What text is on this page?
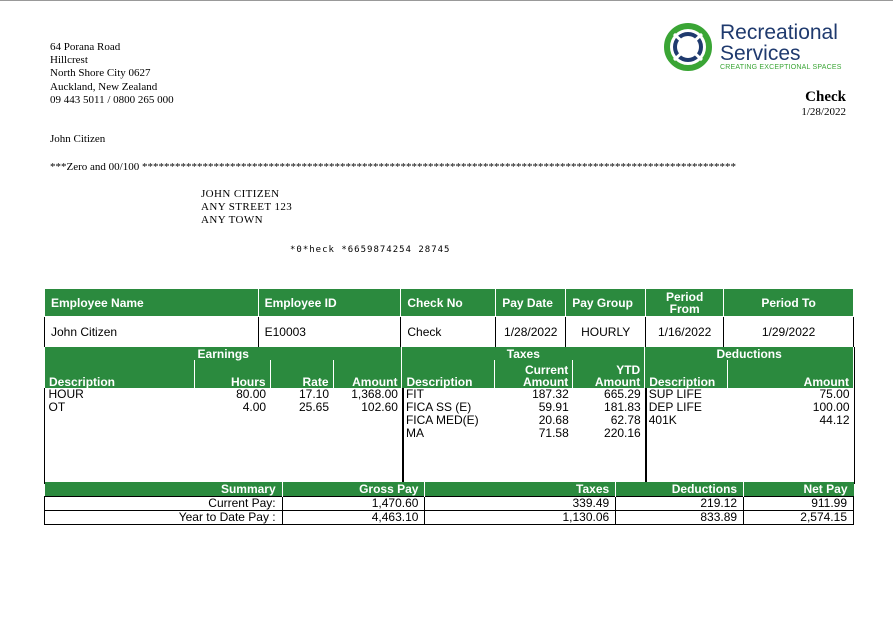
64 Porana Road
Hillcrest
North Shore City 0627
Auckland, New Zealand
09 443 5011 / 0800 265 000
Recreational
Services
CREATING EXCEPTIONAL SPACES
Check
1/28/2022
John Citizen
***Zero and 00/100 ************************************************************************************************************
JOHN CITIZEN
ANY STREET 123
ANY TOWN
*0*heck *6659874254 28745
Employee Name	Employee ID	Check No	Pay Date	Pay Group	Period From	Period To
John Citizen	E10003	Check	1/28/2022	HOURLY	1/16/2022	1/29/2022
Earnings				Taxes			Deductions	
Description	Hours	Rate	Amount	Description	Current Amount	YTD Amount	Description	Amount
HOUR	80.00	17.10	1,368.00	FIT	187.32	665.29	SUP LIFE	75.00
OT	4.00	25.65	102.60	FICA SS (E)	59.91	181.83	DEP LIFE	100.00
				FICA MED(E)	20.68	62.78	401K	44.12
				MA	71.58	220.16		
Summary	Gross Pay	Taxes	Deductions	Net Pay
Current Pay:	1,470.60	339.49	219.12	911.99
Year to Date Pay :	4,463.10	1,130.06	833.89	2,574.15
